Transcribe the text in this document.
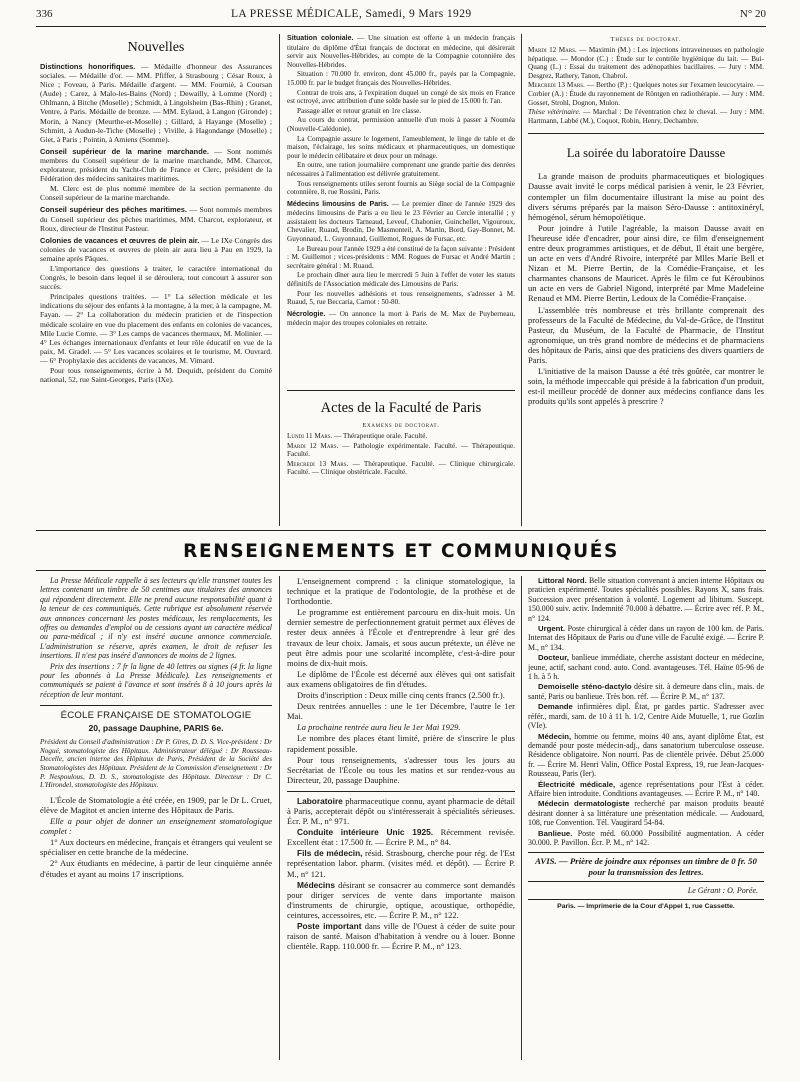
336	LA PRESSE MÉDICALE, Samedi, 9 Mars 1929	N° 20
Nouvelles
Distinctions honorifiques. — Médaille d'honneur des Assurances sociales. — Médaille d'or. — MM. Pfiffer, à Strasbourg ; César Roux, à Nice ; Foveau, à Paris. Médaille d'argent. — MM. Fournié, à Coursan (Aude) ; Carez, à Malo-les-Bains (Nord) ; Dewailly, à Lomme (Nord) ; Ohlmann, à Bitche (Moselle) ; Schmidt, à Lingolsheim (Bas-Rhin) ; Granet, Ventre, à Paris. Médaille de bronze. — MM. Eylaud, à Langon (Gironde) ; Morin, à Nancy (Meurthe-et-Moselle) ; Gillard, à Hayange (Moselle) ; Schmitt, à Audun-le-Tiche (Moselle) ; Viville, à Hagondange (Moselle) ; Giet, à Paris ; Pointin, à Amiens (Somme).
Conseil supérieur de la marine marchande. — Sont nommés membres du Conseil supérieur de la marine marchande, MM. Charcot, explorateur, président du Yacht-Club de France et Clerc, président de la Fédération des médecins sanitaires maritimes.
M. Clerc est de plus nommé membre de la section permanente du Conseil supérieur de la marine marchande.
Conseil supérieur des pêches maritimes. — Sont nommés membres du Conseil supérieur des pêches maritimes, MM. Charcot, explorateur, et Roux, directeur de l'Institut Pasteur.
Colonies de vacances et œuvres de plein air. — Le IXe Congrès des colonies de vacances et œuvres de plein air aura lieu à Pau en 1929, la semaine après Pâques.
L'importance des questions à traiter, le caractère international du Congrès, le besoin dans lequel il se déroulera, tout concourt à assurer son succès.
Principales questions traitées. — 1° La sélection médicale et les indications du séjour des enfants à la montagne, à la mer, à la campagne, M. Fayan. — 2° La collaboration du médecin praticien et de l'inspection médicale scolaire en vue du placement des enfants en colonies de vacances, Mlle Lucie Comte. — 3° Les camps de vacances thermaux, M. Molinier. — 4° Les échanges internationaux d'enfants et leur rôle éducatif en vue de la paix, M. Gradel. — 5° Les vacances scolaires et le tourisme, M. Ouvrard. — 6° Prophylaxie des accidents de vacances, M. Vimard.
Pour tous renseignements, écrire à M. Dequidt, président du Comité national, 52, rue Saint-Georges, Paris (IXe).
Situation coloniale. — Une situation est offerte à un médecin français titulaire du diplôme d'État français de doctorat en médecine, qui désirerait servir aux Nouvelles-Hébrides, au compte de la Compagnie cotonnière des Nouvelles-Hébrides.
Situation : 70.000 fr. environ, dont 45.000 fr., payés par la Compagnie, 15.000 fr. par le budget français des Nouvelles-Hébrides.
Contrat de trois ans, à l'expiration duquel un congé de six mois en France est octroyé, avec attribution d'une solde basée sur le pied de 15.000 fr. l'an.
Passage aller et retour gratuit en 1re classe.
Au cours du contrat, permission annuelle d'un mois à passer à Nouméa (Nouvelle-Calédonie).
La Compagnie assure le logement, l'ameublement, le linge de table et de maison, l'éclairage, les soins médicaux et pharmaceutiques, un domestique pour le médecin célibataire et deux pour un ménage.
En outre, une ration journalière comprenant une grande partie des denrées nécessaires à l'alimentation est délivrée gratuitement.
Tous renseignements utiles seront fournis au Siège social de la Compagnie cotonnière, 8, rue Rossini, Paris.
Médecins limousins de Paris. — Le premier dîner de l'année 1929 des médecins limousins de Paris a eu lieu le 23 Février au Cercle interallié ; y assistaient les docteurs Tarneaud, Leveuf, Chabonier, Guinchellet, Vigouroux, Chevalier, Ruaud, Brodin, De Masmonteil, A. Martin, Bord, Gay-Bonnet, M. Guyonnaud, L. Guyonnaud, Guillemot, Rogues de Fursac, etc.
Le Bureau pour l'année 1929 a été constitué de la façon suivante : Président : M. Guillemot ; vices-présidents : MM. Rogues de Fursac et André Martin ; secrétaire général : M. Ruaud.
Le prochain dîner aura lieu le mercredi 5 Juin à l'effet de voter les statuts définitifs de l'Association médicale des Limousins de Paris.
Pour les nouvelles adhésions et tous renseignements, s'adresser à M. Ruaud, 5, rue Beccaria, Carnot : 50-80.
Nécrologie. — On annonce la mort à Paris de M. Max de Puyberneau, médecin major des troupes coloniales en retraite.
Actes de la Faculté de Paris
Examens de doctorat.
Lundi 11 Mars. — Thérapeutique orale. Faculté.
Mardi 12 Mars. — Pathologie expérimentale. Faculté. — Thérapeutique. Faculté.
Mercredi 13 Mars. — Thérapeutique. Faculté. — Clinique chirurgicale. Faculté. — Clinique obstétricale. Faculté.
Thèses de doctorat.
Mardi 12 Mars. — Maximin (M.) : Les injections intraveineuses en pathologie hépatique. — Mondor (C.) : Étude sur le contrôle hygiénique du lait. — Bui-Quang (L.) : Essai du traitement des adénopathies bacillaires. — Jury : MM. Desgrez, Rathery, Tanon, Chabrol.
Mercredi 13 Mars. — Bertho (P.) : Quelques notes sur l'examen leucocytaire. — Corbier (A.) : Étude du rayonnement de Röntgen en radiothérapie. — Jury : MM. Gosset, Strohl, Dognon, Mulon.
Thèse vétérinaire. — Marchal : De l'éventration chez le cheval. — Jury : MM. Hartmann, Labbé (M.), Coquot, Robin, Henry, Dechambre.
La soirée du laboratoire Dausse
La grande maison de produits pharmaceutiques et biologiques Dausse avait invité le corps médical parisien à venir, le 23 Février, contempler un film documentaire illustrant la mise au point des divers sérums préparés par la maison Séro-Dausse : antitoxinéryl, hémogénol, sérum hémopoïétique.
Pour joindre à l'utile l'agréable, la maison Dausse avait en l'heureuse idée d'encadrer, pour ainsi dire, ce film d'enseignement entre deux programmes artistiques, et de début, Il était une bergère, un acte en vers d'André Rivoire, interprété par Mlles Marie Bell et Nizan et M. Pierre Bertin, de la Comédie-Française, et les charmantes chansons de Mauricet. Après le film ce fut Kéroubinos un acte en vers de Gabriel Nigond, interprété par Mme Madeleine Renaud et MM. Pierre Bertin, Ledoux de la Comédie-Française.
L'assemblée très nombreuse et très brillante comprenait des professeurs de la Faculté de Médecine, du Val-de-Grâce, de l'Institut Pasteur, du Muséum, de la Faculté de Pharmacie, de l'Institut agronomique, un très grand nombre de médecins et de pharmaciens des hôpitaux de Paris, ainsi que des praticiens des divers quartiers de Paris.
L'initiative de la maison Dausse a été très goûtée, car montrer le soin, la méthode impeccable qui préside à la fabrication d'un produit, est-il meilleur procédé de donner aux médecins confiance dans les produits qu'ils sont appelés à prescrire ?
RENSEIGNEMENTS ET COMMUNIQUÉS
La Presse Médicale rappelle à ses lecteurs qu'elle transmet toutes les lettres contenant un timbre de 50 centimes aux titulaires des annonces qui répondent directement. Elle ne prend aucune responsabilité quant à la teneur de ces communiqués. Cette rubrique est absolument réservée aux annonces concernant les postes médicaux, les remplacements, les offres ou demandes d'emploi ou de cessions ayant un caractère médical ou para-médical ; il n'y est inséré aucune annonce commerciale. L'administration se réserve, après examen, le droit de refuser les insertions. Il n'est pas inséré d'annonces de moins de 2 lignes.
Prix des insertions : 7 fr la ligne de 40 lettres ou signes (4 fr. la ligne pour les abonnés à La Presse Médicale). Les renseignements et communiqués se paient à l'avance et sont insérés 8 à 10 jours après la réception de leur montant.
ÉCOLE FRANÇAISE DE STOMATOLOGIE
20, passage Dauphine, PARIS 6e.
Président du Conseil d'administration : Dr P. Gires, D. D. S. Vice-président : Dr Nogué, stomatologiste des Hôpitaux. Administrateur délégué : Dr Rousseau-Decelle, ancien interne des Hôpitaux de Paris, Président de la Société des Stomatologistes des Hôpitaux. Président de la Commission d'enseignement : Dr P. Nespoulous, D. D. S., stomatologiste des Hôpitaux. Directeur : Dr C. L'Hirondel, stomatologiste des Hôpitaux.
L'École de Stomatologie a été créée, en 1909, par le Dr L. Cruet, élève de Magitot et ancien interne des Hôpitaux de Paris.
Elle a pour objet de donner un enseignement stomatologique complet :
1° Aux docteurs en médecine, français et étrangers qui veulent se spécialiser en cette branche de la médecine.
2° Aux étudiants en médecine, à partir de leur cinquième année d'études et ayant au moins 17 inscriptions.
L'enseignement comprend : la clinique stomatologique, la technique et la pratique de l'odontologie, de la prothèse et de l'orthodontie.
Le programme est entièrement parcouru en dix-huit mois. Un dernier semestre de perfectionnement gratuit permet aux élèves de rester deux années à l'École et d'entreprendre à leur gré des travaux de leur choix. Jamais, et sous aucun prétexte, un élève ne peut être admis pour une scolarité incomplète, c'est-à-dire pour moins de dix-huit mois.
Le diplôme de l'École est décerné aux élèves qui ont satisfait aux examens obligatoires de fin d'études.
Droits d'inscription : Deux mille cinq cents francs (2.500 fr.).
Deux rentrées annuelles : une le 1er Décembre, l'autre le 1er Mai.
La prochaine rentrée aura lieu le 1er Mai 1929.
Le nombre des places étant limité, prière de s'inscrire le plus rapidement possible.
Pour tous renseignements, s'adresser tous les jours au Secrétariat de l'École ou tous les matins et sur rendez-vous au Directeur, 20, passage Dauphine.
Laboratoire pharmaceutique connu, ayant pharmacie de détail à Paris, accepterait dépôt ou s'intéresserait à spécialités sérieuses. Écr. P. M., n° 971.
Conduite intérieure Unic 1925. Récemment revisée. Excellent état : 17.500 fr. — Écrire P. M., n° 84.
Fils de médecin, résid. Strasbourg, cherche pour rég. de l'Est représentation labor. pharm. (visites méd. et dépôt). — Écrire P. M., n° 121.
Médecins désirant se consacrer au commerce sont demandés pour diriger services de vente dans importante maison d'instruments de chirurgie, optique, acoustique, orthopédie, ceintures, accessoires, etc. — Écrire P. M., n° 122.
Poste important dans ville de l'Ouest à céder de suite pour raison de santé. Maison d'habitation à vendre ou à louer. Bonne clientèle. Rapp. 110.000 fr. — Écrire P. M., n° 123.
Littoral Nord. Belle situation convenant à ancien interne Hôpitaux ou praticien expérimenté. Toutes spécialités possibles. Rayons X, sans frais. Succession avec présentation à volonté. Logement ad libitum. Suscept. 150.000 suiv. activ. Indemnité 70.000 à débattre. — Écrire avec réf. P. M., n° 124.
Urgent. Poste chirurgical à céder dans un rayon de 100 km. de Paris. Internat des Hôpitaux de Paris ou d'une ville de Faculté exigé. — Écrire P. M., n° 134.
Docteur, banlieue immédiate, cherche assistant docteur en médecine, jeune, actif, sachant cond. auto. Cond. avantageuses. Tél. Haïne 05-96 de 1 h. à 5 h.
Demoiselle sténo-dactylo désire sit. à demeure dans clin., mais. de santé, Paris ou banlieue. Très bon. réf. — Écrire P. M., n° 137.
Demande infirmières dipl. État, pr gardes partic. S'adresser avec référ., mardi, sam. de 10 à 11 h. 1/2, Centre Aide Mutuelle, 1, rue Gozlin (VIe).
Médecin, homme ou femme, moins 40 ans, ayant diplôme État, est demandé pour poste médecin-adj., dans sanatorium tuberculose osseuse. Résidence obligatoire. Non nourri. Pas de clientèle privée. Début 25.000 fr. — Écrire M. Henri Valin, Office Postal Express, 19, rue Jean-Jacques-Rousseau, Paris (Ier).
Électricité médicale, agence représentations pour l'Est à céder. Affaire bien introduite. Conditions avantageuses. — Écrire P. M., n° 140.
Médecin dermatologiste recherché par maison produits beauté désirant donner à sa littérature une présentation médicale. — Audouard, 108, rue Convention. Tél. Vaugirard 54-84.
Banlieue. Poste méd. 60.000 Possibilité augmentation. A céder 30.000. P. Pavillon. Écr. P. M., n° 142.
AVIS. — Prière de joindre aux réponses un timbre de 0 fr. 50 pour la transmission des lettres.
Le Gérant : O. Porée.
Paris. — Imprimerie de la Cour d'Appel 1, rue Cassette.
